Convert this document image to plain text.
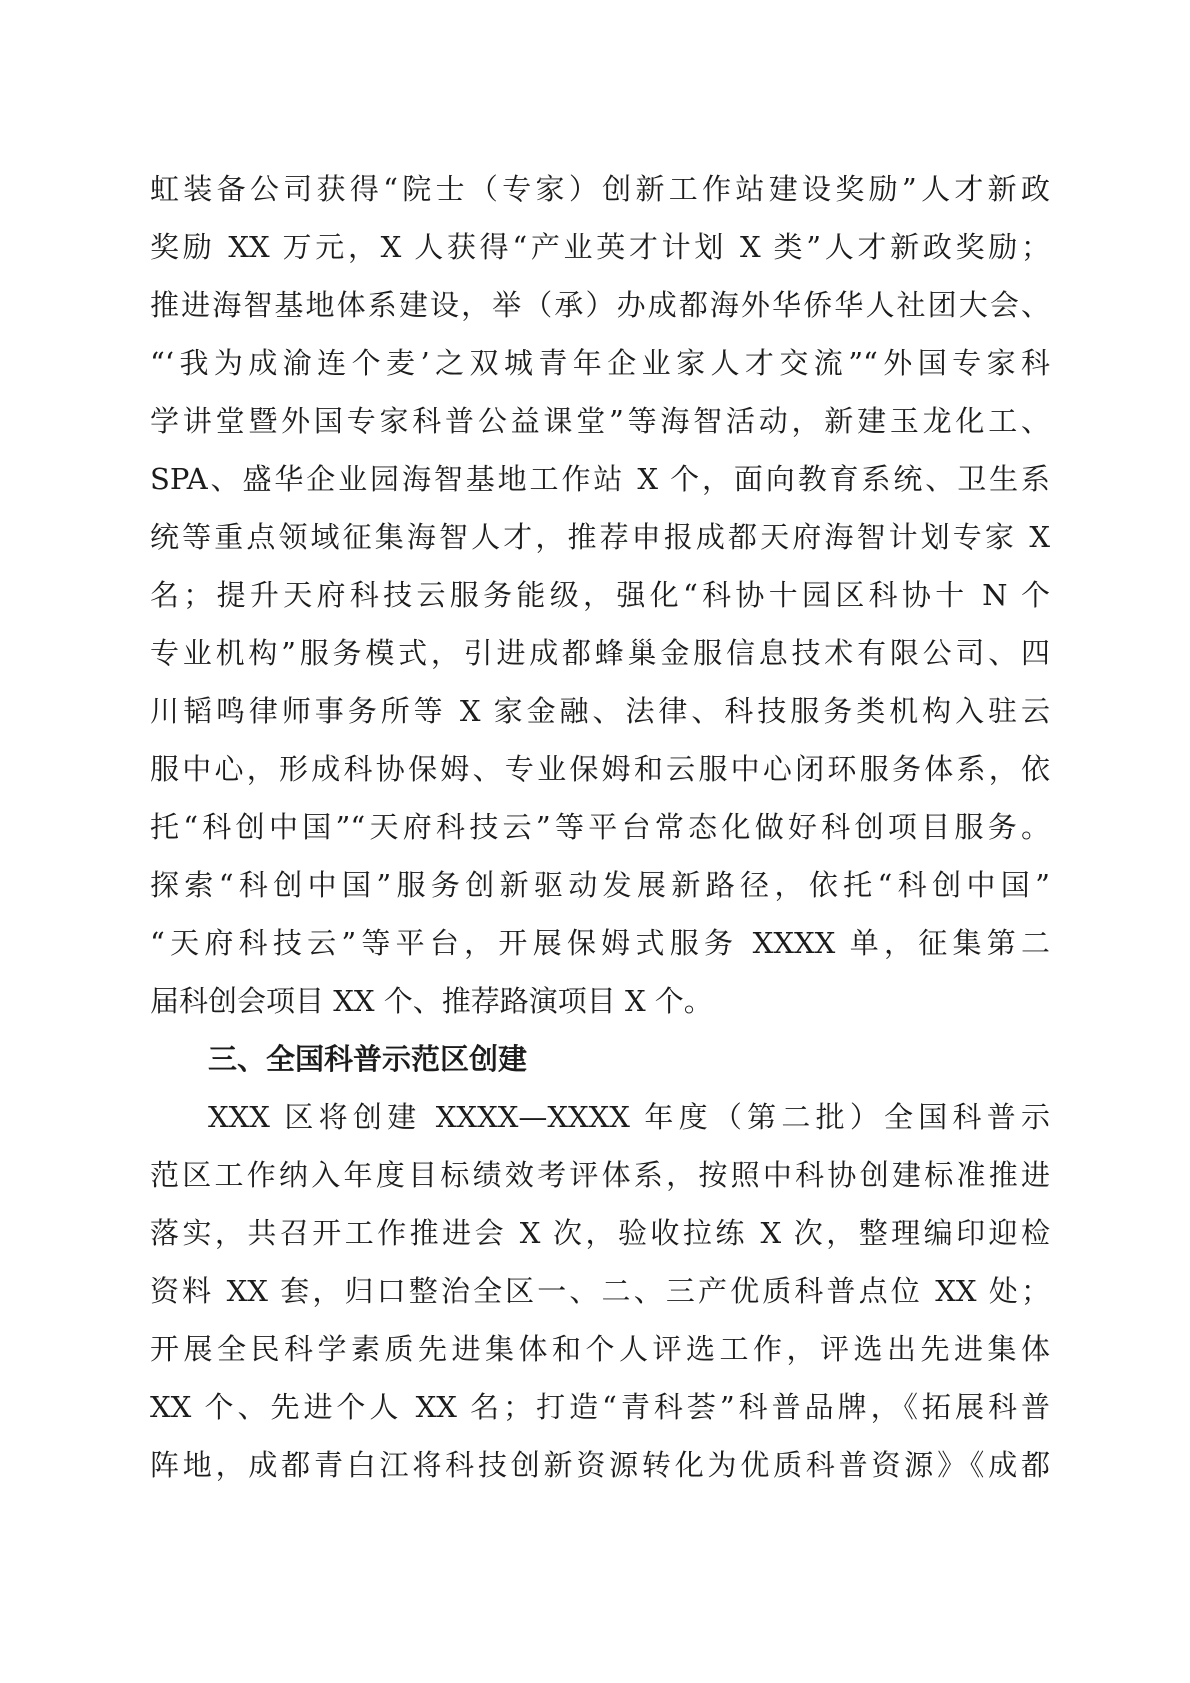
虹装备公司获得“院士（专家）创新工作站建设奖励”人才新政
奖励 XX 万元，X 人获得“产业英才计划 X 类”人才新政奖励；
推进海智基地体系建设，举（承）办成都海外华侨华人社团大会、
“‘我为成渝连个麦’之双城青年企业家人才交流”“外国专家科
学讲堂暨外国专家科普公益课堂”等海智活动，新建玉龙化工、
SPA、盛华企业园海智基地工作站 X 个，面向教育系统、卫生系
统等重点领域征集海智人才，推荐申报成都天府海智计划专家 X
名；提升天府科技云服务能级，强化“科协十园区科协十 N 个
专业机构”服务模式，引进成都蜂巢金服信息技术有限公司、四
川韬鸣律师事务所等 X 家金融、法律、科技服务类机构入驻云
服中心，形成科协保姆、专业保姆和云服中心闭环服务体系，依
托“科创中国”“天府科技云”等平台常态化做好科创项目服务。
探索“科创中国”服务创新驱动发展新路径，依托“科创中国”
“天府科技云”等平台，开展保姆式服务 XXXX 单，征集第二
届科创会项目 XX 个、推荐路演项目 X 个。
三、全国科普示范区创建
XXX 区将创建 XXXX—XXXX 年度（第二批）全国科普示
范区工作纳入年度目标绩效考评体系，按照中科协创建标准推进
落实，共召开工作推进会 X 次，验收拉练 X 次，整理编印迎检
资料 XX 套，归口整治全区一、二、三产优质科普点位 XX 处；
开展全民科学素质先进集体和个人评选工作，评选出先进集体
XX 个、先进个人 XX 名；打造“青科荟”科普品牌，《拓展科普
阵地，成都青白江将科技创新资源转化为优质科普资源》《成都
